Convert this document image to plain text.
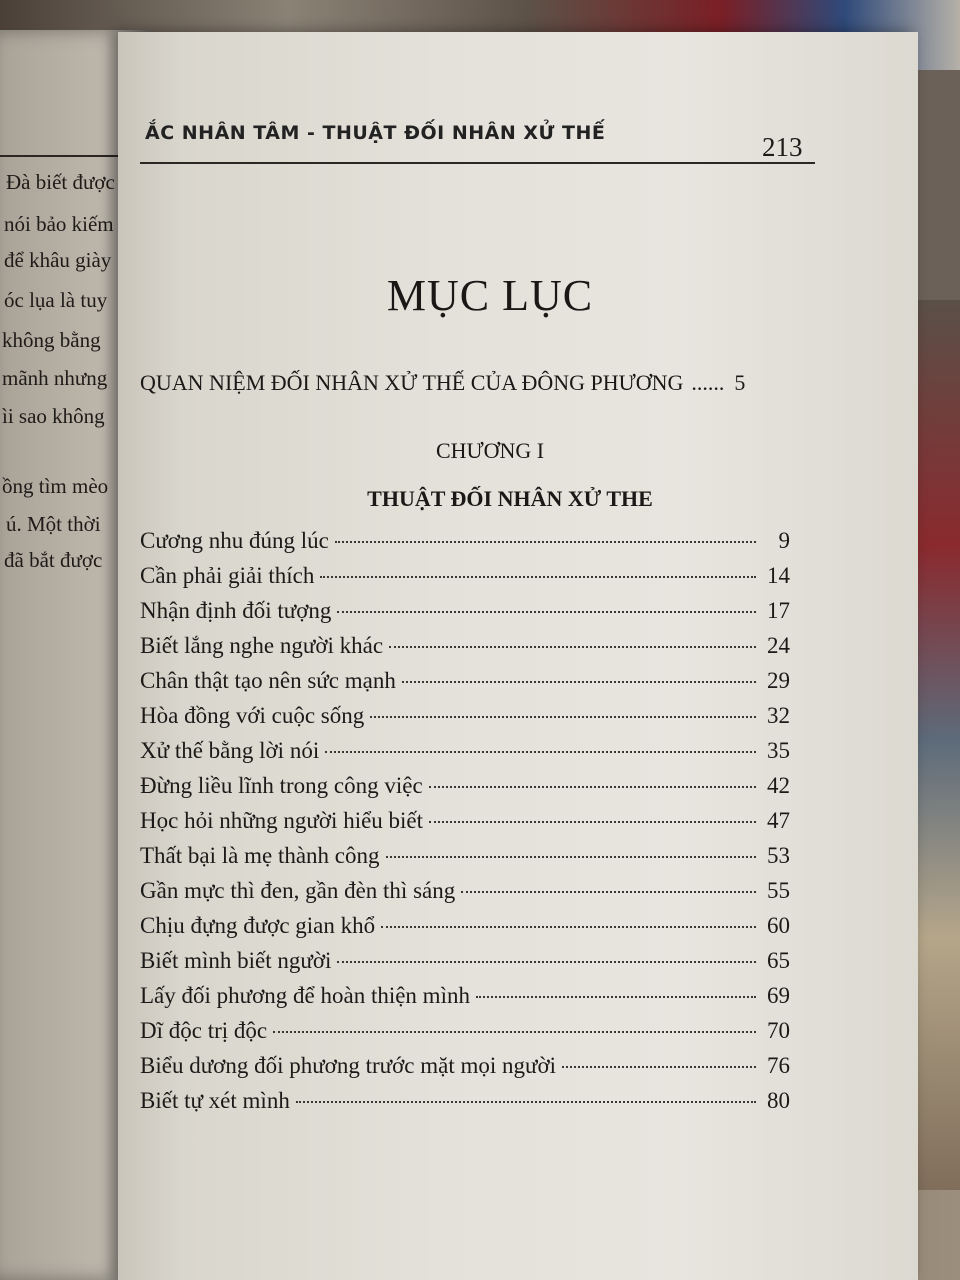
Đà biết được
nói bảo kiếm
để khâu giày
óc lụa là tuy
không bằng
mãnh nhưng
ìi sao không
ồng tìm mèo
ú. Một thời
đã bắt được
ẮC NHÂN TÂM - THUẬT ĐỐI NHÂN XỬ THẾ	213
MỤC LỤC
QUAN NIỆM ĐỐI NHÂN XỬ THẾ CỦA ĐÔNG PHƯƠNG ...... 5
CHƯƠNG I
THUẬT ĐỐI NHÂN XỬ THE
Cương nhu đúng lúc	9
Cần phải giải thích	14
Nhận định đối tượng	17
Biết lắng nghe người khác	24
Chân thật tạo nên sức mạnh	29
Hòa đồng với cuộc sống	32
Xử thế bằng lời nói	35
Đừng liều lĩnh trong công việc	42
Học hỏi những người hiểu biết	47
Thất bại là mẹ thành công	53
Gần mực thì đen, gần đèn thì sáng	55
Chịu đựng được gian khổ	60
Biết mình biết người	65
Lấy đối phương để hoàn thiện mình	69
Dĩ độc trị độc	70
Biểu dương đối phương trước mặt mọi người	76
Biết tự xét mình	80
